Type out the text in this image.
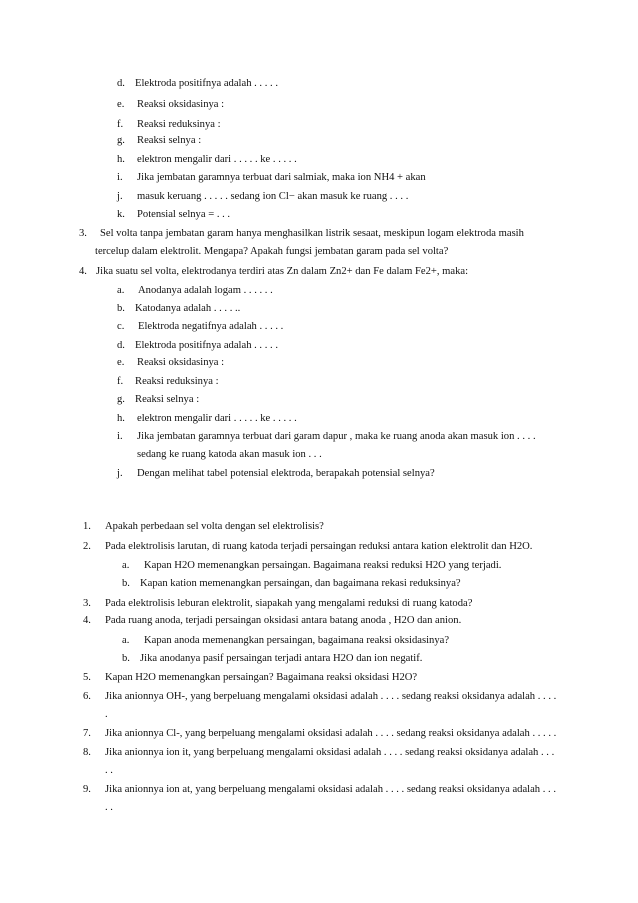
d. Elektroda positifnya adalah . . . . .
e. Reaksi oksidasinya :
f. Reaksi reduksinya :
g. Reaksi selnya :
h. elektron mengalir dari . . . . . ke . . . . .
i. Jika jembatan garamnya terbuat dari salmiak, maka ion NH4 + akan
j. masuk keruang . . . . . sedang ion Cl− akan masuk ke ruang . . . .
k. Potensial selnya = . . .
3. Sel volta tanpa jembatan garam hanya menghasilkan listrik sesaat, meskipun logam elektroda masih
tercelup dalam elektrolit. Mengapa? Apakah fungsi jembatan garam pada sel volta?
4. Jika suatu sel volta, elektrodanya terdiri atas Zn dalam Zn2+ dan Fe dalam Fe2+, maka:
a. Anodanya adalah logam . . . . . .
b. Katodanya adalah . . . . ..
c. Elektroda negatifnya adalah . . . . .
d. Elektroda positifnya adalah . . . . .
e. Reaksi oksidasinya :
f. Reaksi reduksinya :
g. Reaksi selnya :
h. elektron mengalir dari . . . . . ke . . . . .
i. Jika jembatan garamnya terbuat dari garam dapur , maka ke ruang anoda akan masuk ion . . . .
sedang ke ruang katoda akan masuk ion . . .
j. Dengan melihat tabel potensial elektroda, berapakah potensial selnya?
1. Apakah perbedaan sel volta dengan sel elektrolisis?
2. Pada elektrolisis larutan, di ruang katoda terjadi persaingan reduksi antara kation elektrolit dan H2O.
a. Kapan H2O memenangkan persaingan. Bagaimana reaksi reduksi H2O yang terjadi.
b. Kapan kation memenangkan persaingan, dan bagaimana rekasi reduksinya?
3. Pada elektrolisis leburan elektrolit, siapakah yang mengalami reduksi di ruang katoda?
4. Pada ruang anoda, terjadi persaingan oksidasi antara batang anoda , H2O dan anion.
a. Kapan anoda memenangkan persaingan, bagaimana reaksi oksidasinya?
b. Jika anodanya pasif persaingan terjadi antara H2O dan ion negatif.
5. Kapan H2O memenangkan persaingan? Bagaimana reaksi oksidasi H2O?
6. Jika anionnya OH-, yang berpeluang mengalami oksidasi adalah . . . . sedang reaksi oksidanya adalah . . . .
.
7. Jika anionnya Cl-, yang berpeluang mengalami oksidasi adalah . . . . sedang reaksi oksidanya adalah . . . . .
8. Jika anionnya ion it, yang berpeluang mengalami oksidasi adalah . . . . sedang reaksi oksidanya adalah . . .
. .
9. Jika anionnya ion at, yang berpeluang mengalami oksidasi adalah . . . . sedang reaksi oksidanya adalah . . .
. .
